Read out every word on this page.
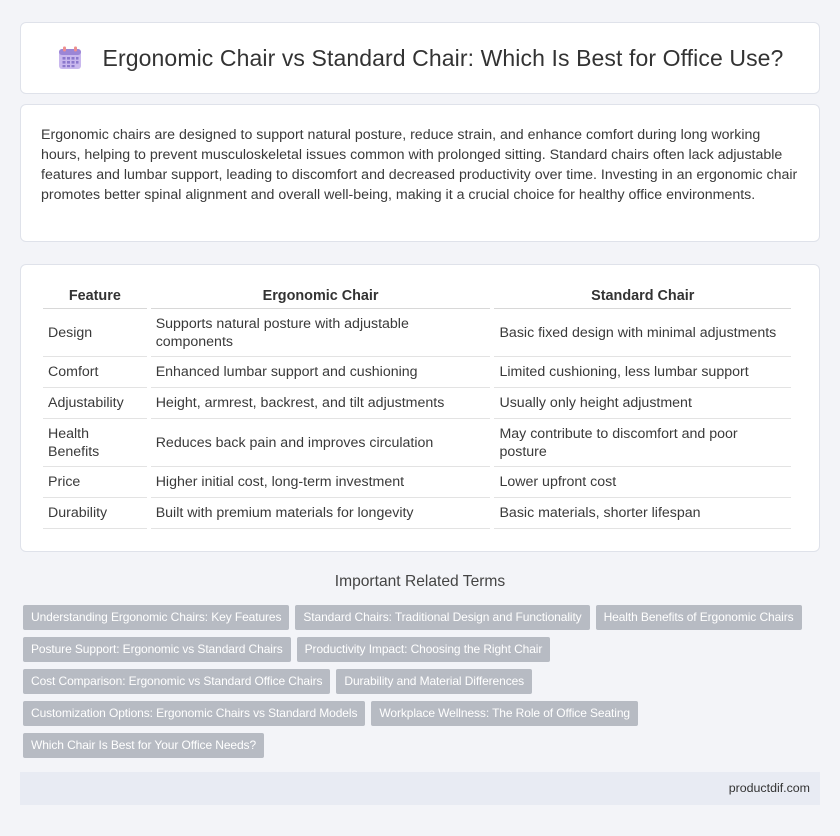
Ergonomic Chair vs Standard Chair: Which Is Best for Office Use?

Ergonomic chairs are designed to support natural posture, reduce strain, and enhance comfort during long working hours, helping to prevent musculoskeletal issues common with prolonged sitting. Standard chairs often lack adjustable features and lumbar support, leading to discomfort and decreased productivity over time. Investing in an ergonomic chair promotes better spinal alignment and overall well-being, making it a crucial choice for healthy office environments.

Feature	Ergonomic Chair	Standard Chair
Design	Supports natural posture with adjustable components	Basic fixed design with minimal adjustments
Comfort	Enhanced lumbar support and cushioning	Limited cushioning, less lumbar support
Adjustability	Height, armrest, backrest, and tilt adjustments	Usually only height adjustment
Health Benefits	Reduces back pain and improves circulation	May contribute to discomfort and poor posture
Price	Higher initial cost, long-term investment	Lower upfront cost
Durability	Built with premium materials for longevity	Basic materials, shorter lifespan
Important Related Terms
Understanding Ergonomic Chairs: Key Features Standard Chairs: Traditional Design and Functionality Health Benefits of Ergonomic Chairs
Posture Support: Ergonomic vs Standard Chairs Productivity Impact: Choosing the Right Chair
Cost Comparison: Ergonomic vs Standard Office Chairs Durability and Material Differences
Customization Options: Ergonomic Chairs vs Standard Models Workplace Wellness: The Role of Office Seating
Which Chair Is Best for Your Office Needs?
productdif.com
